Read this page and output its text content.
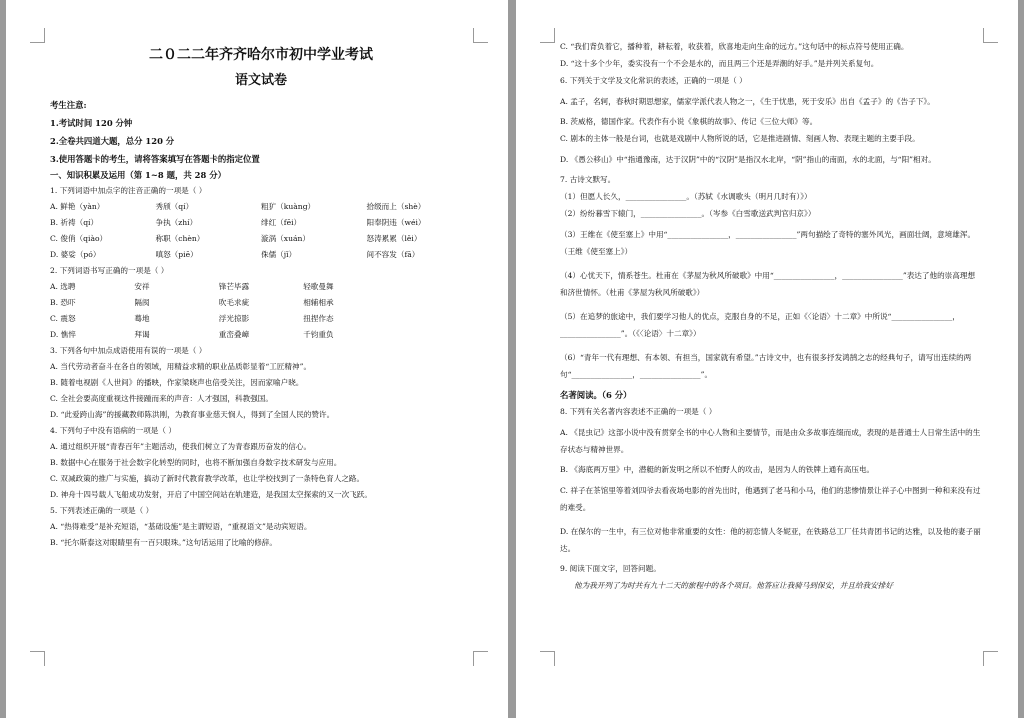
二０二二年齐齐哈尔市初中学业考试

语文试卷

考生注意:

1.考试时间 120 分钟

2.全卷共四道大题，总分 120 分

3.使用答题卡的考生，请将答案填写在答题卡的指定位置

一、知识积累及运用（第 1~8 题，共 28 分）

1. 下列词语中加点字的注音正确的一项是（ ）

A. 鲜艳（yàn）	秀颀（qí）	粗犷（kuàng）	拾级而上（shè）
B. 祈祷（qí）	争执（zhí）	绯红（fēi）	阳奉阴违（wéi）
C. 俊俏（qiào）	称职（chèn）	漩涡（xuán）	怒涛累累（lěi）
D. 婆娑（pó）	嗔怒（piē）	侏儒（jǐ）	间不容发（fā）

2. 下列词语书写正确的一项是（ ）

A. 选聘	安祥	锋芒毕露	轻歌曼舞
B. 恐吓	隔阂	吹毛求疵	相辅相承
C. 震怒	蓦地	浮光掠影	扭捏作态
D. 憔悴	拜谒	重峦叠嶂	千钧重负

3. 下列各句中加点成语使用有误的一项是（ ）

A. 当代劳动者奋斗在各自的领域，用精益求精的职业品质彰显着“工匠精神”。

B. 随着电视剧《人世间》的播映，作家梁晓声也倍受关注，因而家喻户晓。

C. 全社会要高度重视这件接踵而来的声音：人才强国，科教强国。

D. “此爱跨山海”的援藏教师陈洪刚，为教育事业慈天悯人，得到了全国人民的赞许。

4. 下列句子中没有语病的一项是（ ）

A. 通过组织开展“青春百年”主题活动，使我们树立了为青春跟历奋发的信心。

B. 数据中心在服务于社会数字化转型的同时，也将不断加强自身数字技术研发与应用。

C. 双减政策的推广与实施，搞动了新时代教育教学改革，也让学校找到了一条特色育人之路。

D. 神舟十四号载人飞船成功发射，开启了中国空间站在轨建造，是我国太空探索的又一次飞跃。

5. 下列表述正确的一项是（ ）

A. “热得难受”是补充短语，“基础设施”是主谓短语，“重视语文”是动宾短语。

B. “托尔斯泰这对眼睛里有一百只眼珠。”这句话运用了比喻的修辞。

C. “我们背负着它，播种着，耕耘着，收获着，欣喜地走向生命的远方。”这句话中的标点符号使用正确。

D. “这十多个少年，委实没有一个不会是水的，而且两三个还是弄潮的好手。”是并列关系复句。

6. 下列关于文学及文化常识的表述，正确的一项是（ ）

A. 孟子，名轲，春秋时期思想家，儒家学派代表人物之一，《生于忧患，死于安乐》出自《孟子》的《告子下》。

B. 茨威格，德国作家。代表作有小说《象棋的故事》、传记《三位大师》等。

C. 剧本的主体一般是台词，也就是戏剧中人物所说的话，它是推进剧情、刻画人物、表现主题的主要手段。

D. 《愚公移山》中“指通豫南，达于汉阴”中的“汉阴”是指汉水北岸，“阴”指山的南面，水的北面，与“阳”相对。

7. 古诗文默写。

（1）但愿人长久，________________。（苏轼《水调歌头（明月几时有）》）

（2）纷纷暮雪下辕门，________________。（岑参《白雪歌送武判官归京》）

（3）王维在《使至塞上》中用“________________，________________”两句描绘了奇特的塞外风光，画面壮阔，意境雄浑。（王维《使至塞上》）

（4）心忧天下，情系苍生。杜甫在《茅屋为秋风所破歌》中用“________________，________________”表达了他的崇高理想和济世情怀。（杜甫《茅屋为秋风所破歌》）

（5）在追梦的旅途中，我们要学习他人的优点，克服自身的不足，正如《〈论语〉十二章》中所说“________________，________________”。（《〈论语〉十二章》）

（6）“青年一代有理想、有本领、有担当，国家就有希望。”古诗文中，也有很多抒发鸿鹄之志的经典句子，请写出连续的两句“________________，________________”。

名著阅读。（6 分）

8. 下列有关名著内容表述不正确的一项是（ ）

A. 《昆虫记》这部小说中没有贯穿全书的中心人物和主要情节，而是由众多故事连缀而成，表现的是普通士人日常生活中的生存状态与精神世界。

B. 《海底两万里》中，潜艇的新发明之所以不怕野人的攻击，是因为人的铁牌上通有高压电。

C. 祥子在茶馆里等着刘四爷去看夜场电影的首先出时，他遇到了老马和小马，他们的悲惨情景让祥子心中图到一种和来没有过的难受。

D. 在保尔的一生中，有三位对他非常重要的女性：他的初恋情人冬妮亚，在铁路总工厂任共青团书记的达雅，以及他的妻子丽达。

9. 阅读下面文字，回答问题。

他为我开列了为时共有九十二天的旅程中的各个项目。他答应让我骑马到保安，并且给我安排好
